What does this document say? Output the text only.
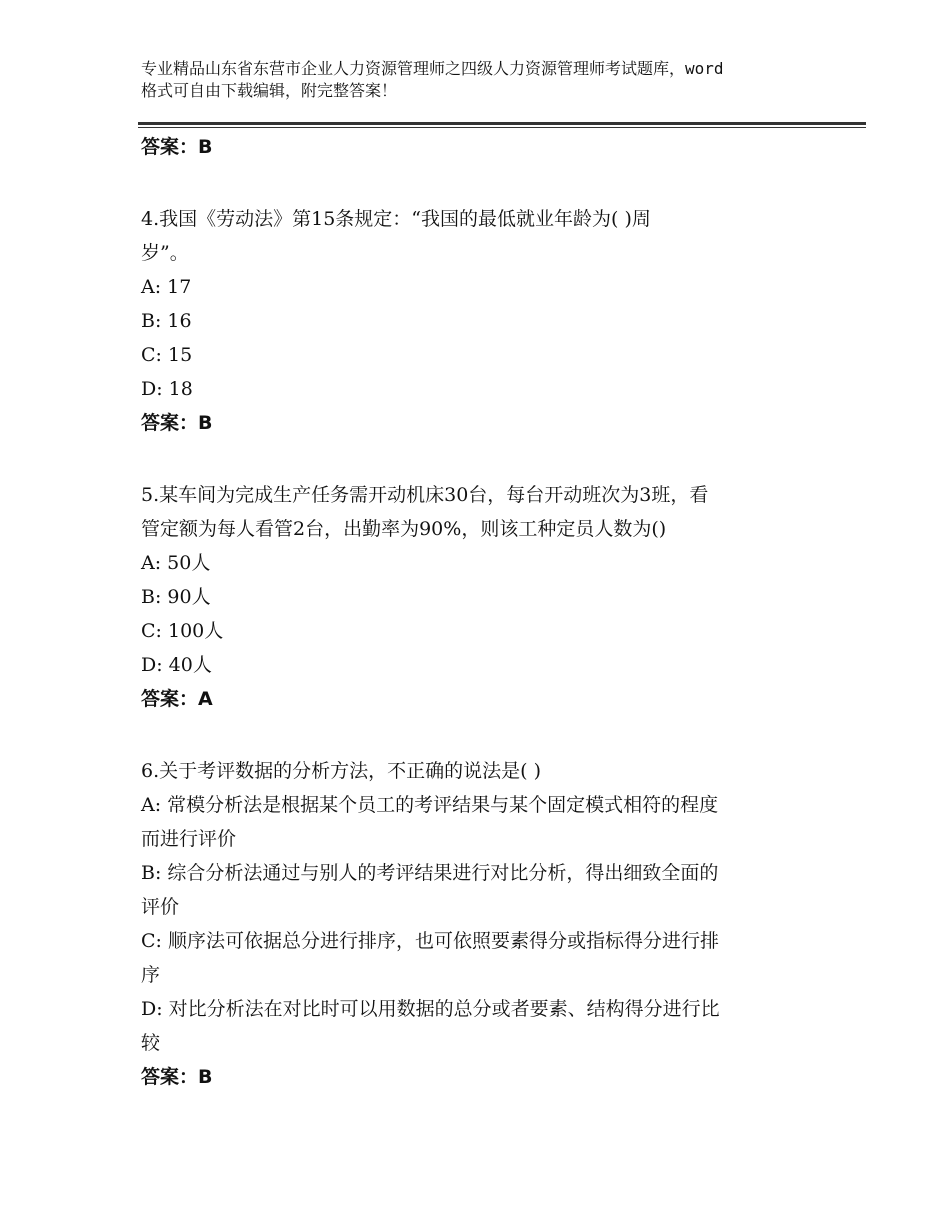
专业精品山东省东营市企业人力资源管理师之四级人力资源管理师考试题库，word
格式可自由下载编辑，附完整答案！
答案：B
4.我国《劳动法》第15条规定：“我国的最低就业年龄为( )周
岁”。
A: 17
B: 16
C: 15
D: 18
答案：B
5.某车间为完成生产任务需开动机床30台，每台开动班次为3班，看
管定额为每人看管2台，出勤率为90%，则该工种定员人数为()
A: 50人
B: 90人
C: 100人
D: 40人
答案：A
6.关于考评数据的分析方法，不正确的说法是( )
A: 常模分析法是根据某个员工的考评结果与某个固定模式相符的程度
而进行评价
B: 综合分析法通过与别人的考评结果进行对比分析，得出细致全面的
评价
C: 顺序法可依据总分进行排序，也可依照要素得分或指标得分进行排
序
D: 对比分析法在对比时可以用数据的总分或者要素、结构得分进行比
较
答案：B
